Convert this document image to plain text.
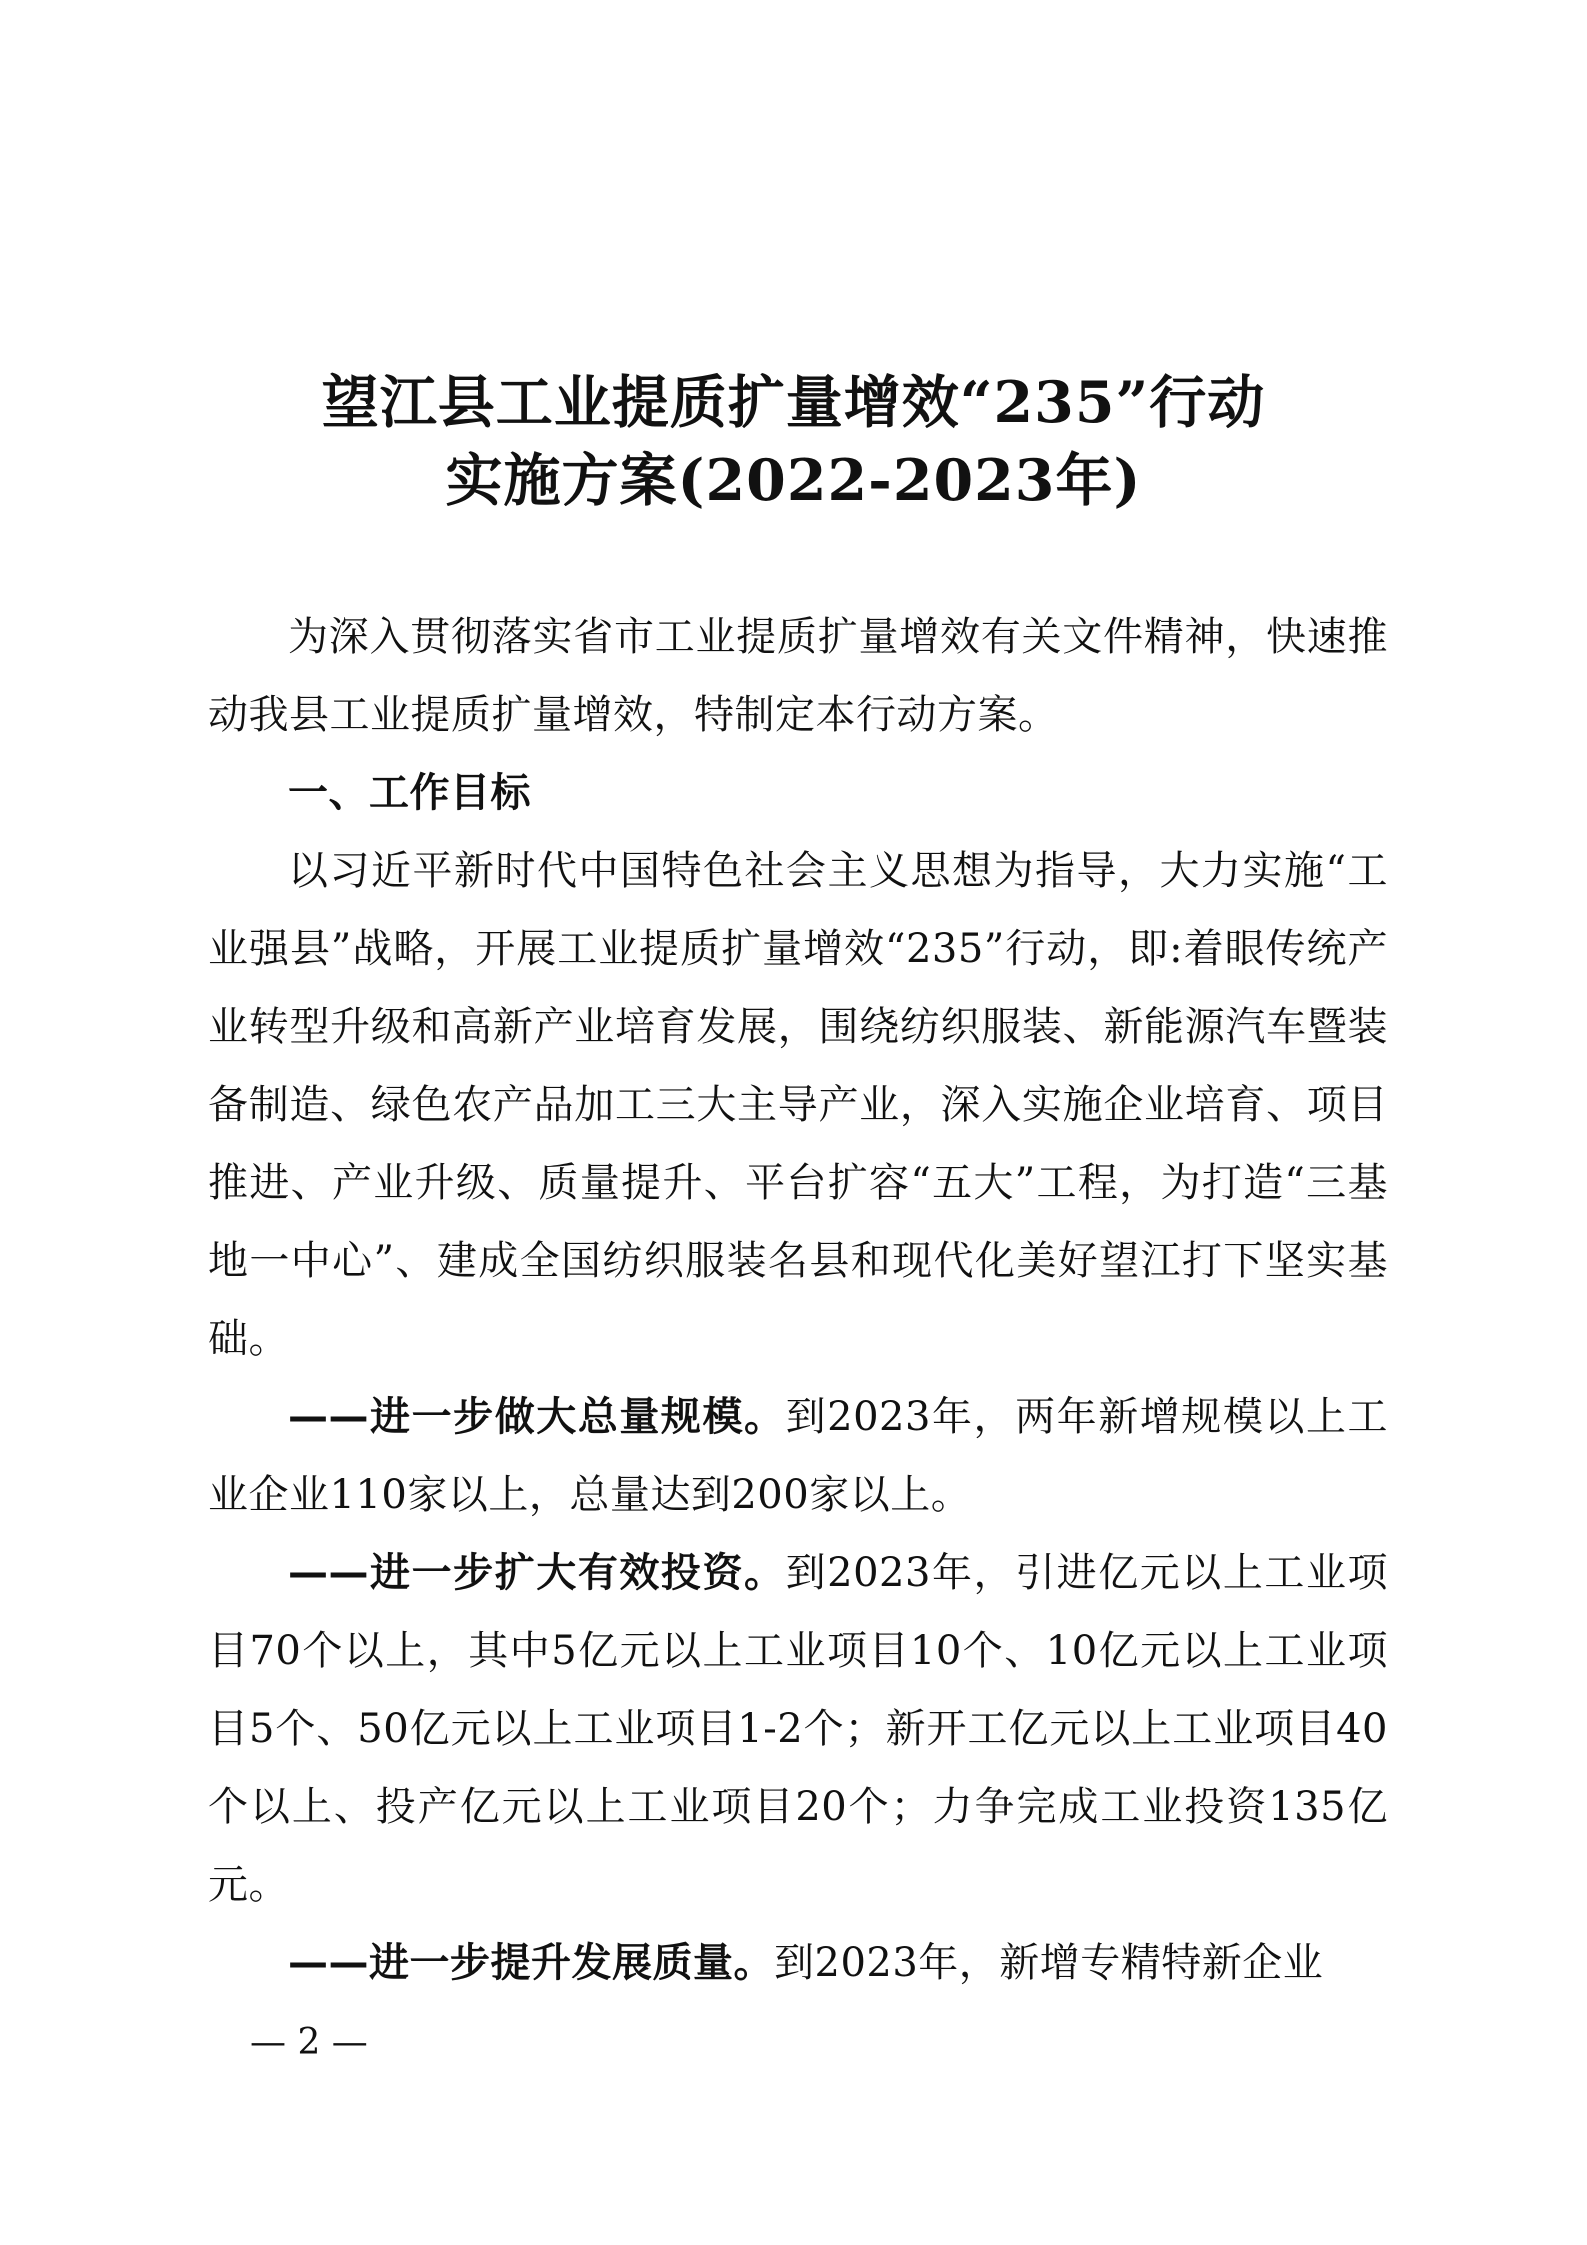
望江县工业提质扩量增效“235”行动
实施方案(2022-2023年)

为深入贯彻落实省市工业提质扩量增效有关文件精神，快速推动我县工业提质扩量增效，特制定本行动方案。

一、工作目标

以习近平新时代中国特色社会主义思想为指导，大力实施“工业强县”战略，开展工业提质扩量增效“235”行动，即:着眼传统产业转型升级和高新产业培育发展，围绕纺织服装、新能源汽车暨装备制造、绿色农产品加工三大主导产业，深入实施企业培育、项目推进、产业升级、质量提升、平台扩容“五大”工程，为打造“三基地一中心”、建成全国纺织服装名县和现代化美好望江打下坚实基础。

——进一步做大总量规模。到2023年，两年新增规模以上工业企业110家以上，总量达到200家以上。

——进一步扩大有效投资。到2023年，引进亿元以上工业项目70个以上，其中5亿元以上工业项目10个、10亿元以上工业项目5个、50亿元以上工业项目1-2个；新开工亿元以上工业项目40个以上、投产亿元以上工业项目20个；力争完成工业投资135亿元。

——进一步提升发展质量。到2023年，新增专精特新企业

— 2 —
